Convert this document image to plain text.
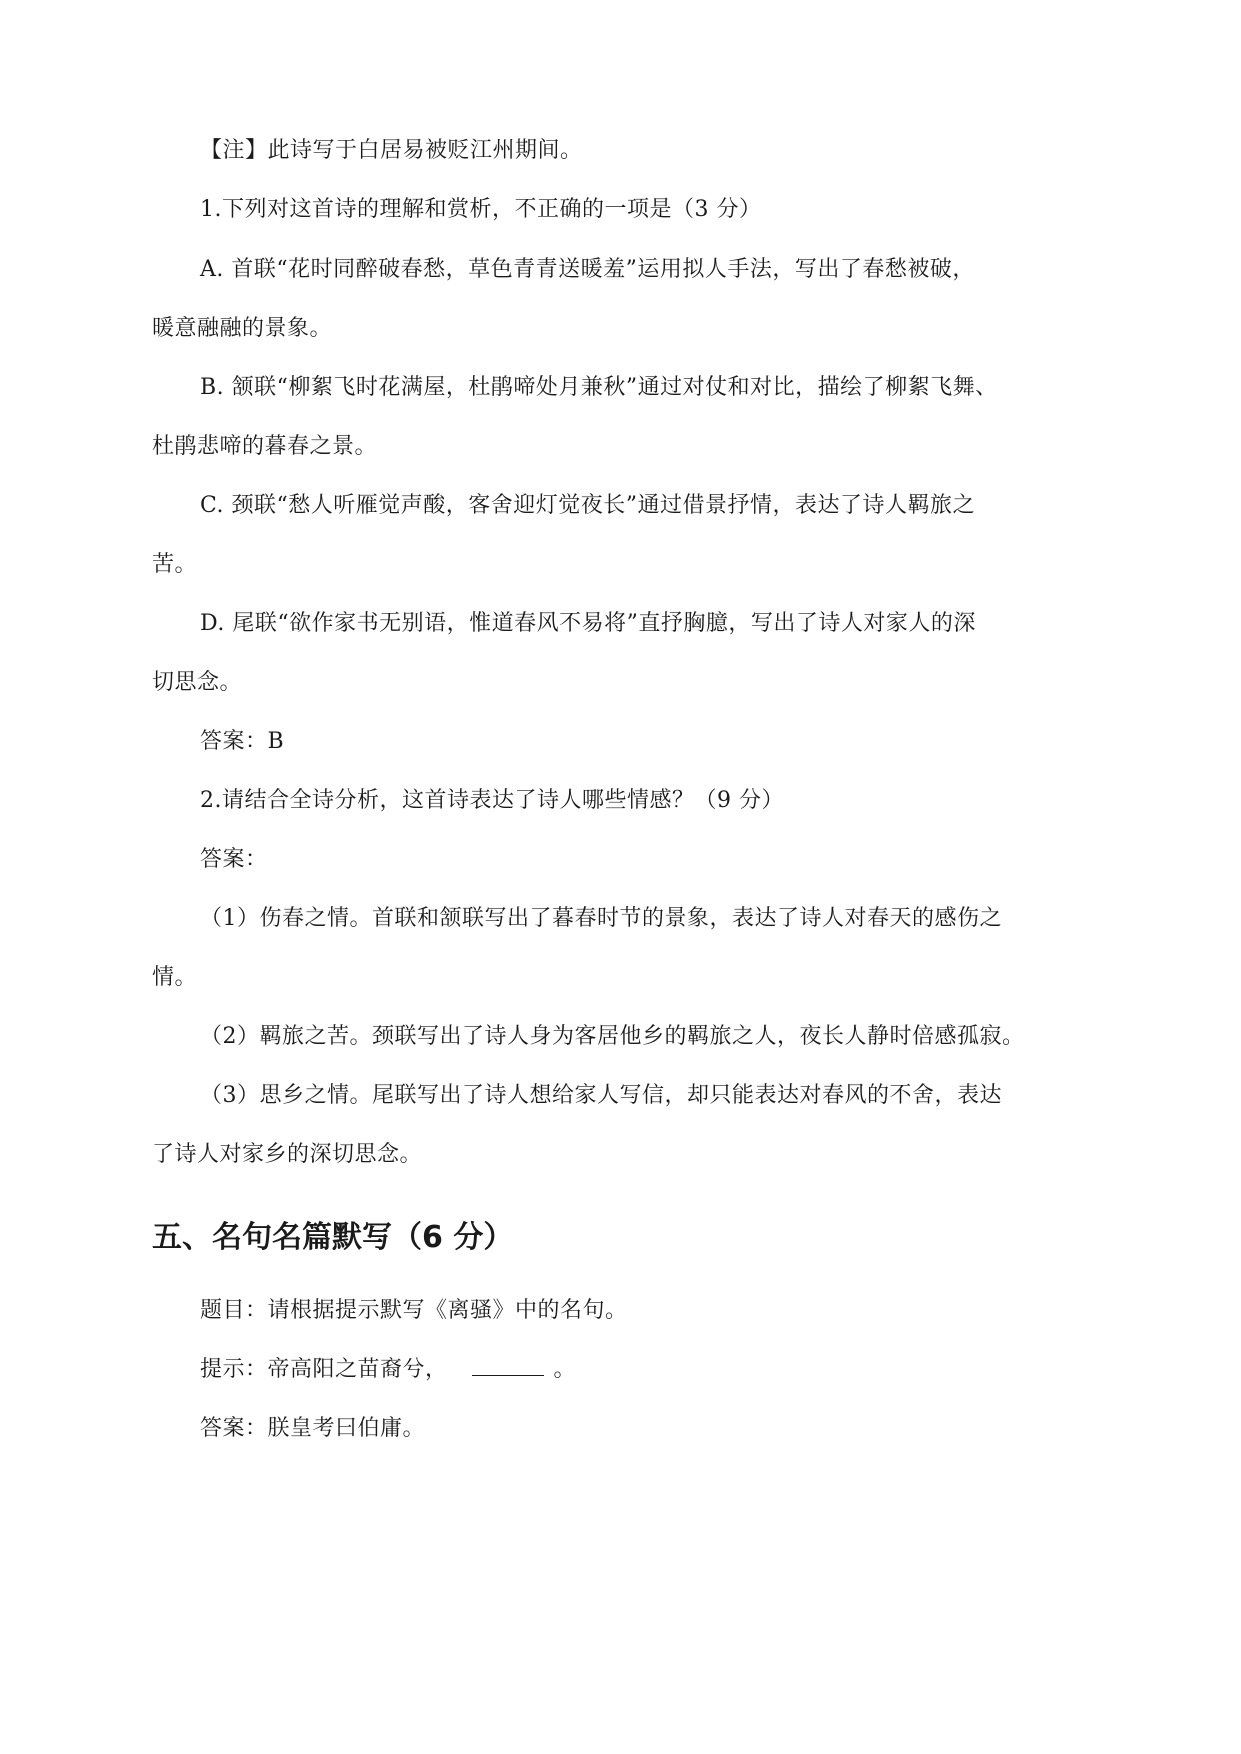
【注】此诗写于白居易被贬江州期间。
1.下列对这首诗的理解和赏析，不正确的一项是（3 分）
A. 首联“花时同醉破春愁，草色青青送暖羞”运用拟人手法，写出了春愁被破，
暖意融融的景象。
B. 颔联“柳絮飞时花满屋，杜鹃啼处月兼秋”通过对仗和对比，描绘了柳絮飞舞、
杜鹃悲啼的暮春之景。
C. 颈联“愁人听雁觉声酸，客舍迎灯觉夜长”通过借景抒情，表达了诗人羁旅之
苦。
D. 尾联“欲作家书无别语，惟道春风不易将”直抒胸臆，写出了诗人对家人的深
切思念。
答案：B
2.请结合全诗分析，这首诗表达了诗人哪些情感？（9 分）
答案：
（1）伤春之情。首联和颔联写出了暮春时节的景象，表达了诗人对春天的感伤之
情。
（2）羁旅之苦。颈联写出了诗人身为客居他乡的羁旅之人，夜长人静时倍感孤寂。
（3）思乡之情。尾联写出了诗人想给家人写信，却只能表达对春风的不舍，表达
了诗人对家乡的深切思念。
五、名句名篇默写（6 分）
题目：请根据提示默写《离骚》中的名句。
提示：帝高阳之苗裔兮，	。
答案：朕皇考曰伯庸。
